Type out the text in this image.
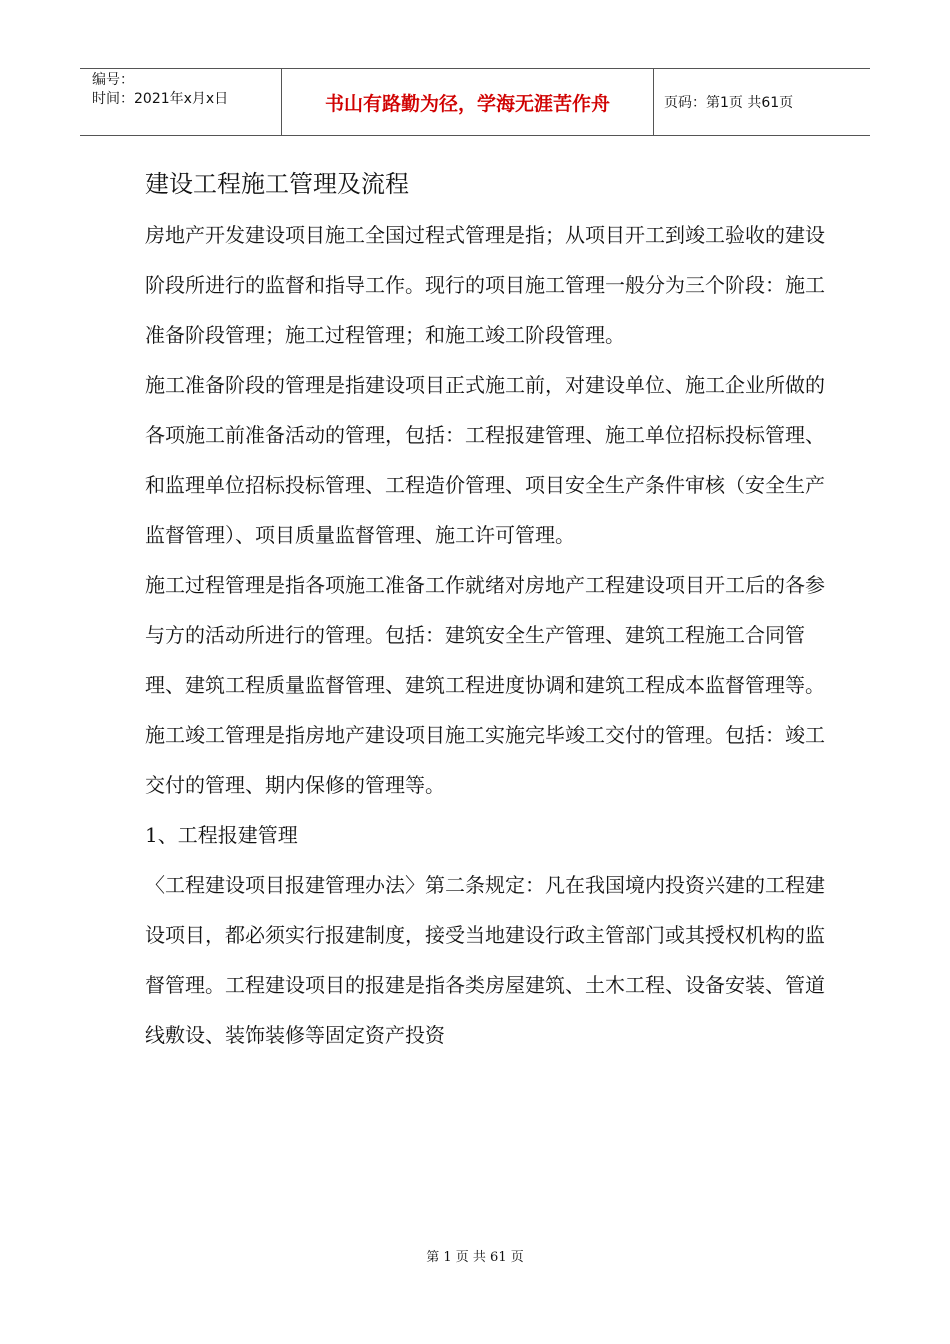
编号：
时间：2021年x月x日	书山有路勤为径，学海无涯苦作舟	页码：第1页 共61页
建设工程施工管理及流程

房地产开发建设项目施工全国过程式管理是指；从项目开工到竣工验收的建设阶段所进行的监督和指导工作。现行的项目施工管理一般分为三个阶段：施工准备阶段管理；施工过程管理；和施工竣工阶段管理。

施工准备阶段的管理是指建设项目正式施工前，对建设单位、施工企业所做的各项施工前准备活动的管理，包括：工程报建管理、施工单位招标投标管理、和监理单位招标投标管理、工程造价管理、项目安全生产条件审核（安全生产监督管理）、项目质量监督管理、施工许可管理。

施工过程管理是指各项施工准备工作就绪对房地产工程建设项目开工后的各参与方的活动所进行的管理。包括：建筑安全生产管理、建筑工程施工合同管理、建筑工程质量监督管理、建筑工程进度协调和建筑工程成本监督管理等。

施工竣工管理是指房地产建设项目施工实施完毕竣工交付的管理。包括：竣工交付的管理、期内保修的管理等。

1、工程报建管理

〈工程建设项目报建管理办法〉第二条规定：凡在我国境内投资兴建的工程建设项目，都必须实行报建制度，接受当地建设行政主管部门或其授权机构的监督管理。工程建设项目的报建是指各类房屋建筑、土木工程、设备安装、管道线敷设、装饰装修等固定资产投资

第 1 页 共 61 页
